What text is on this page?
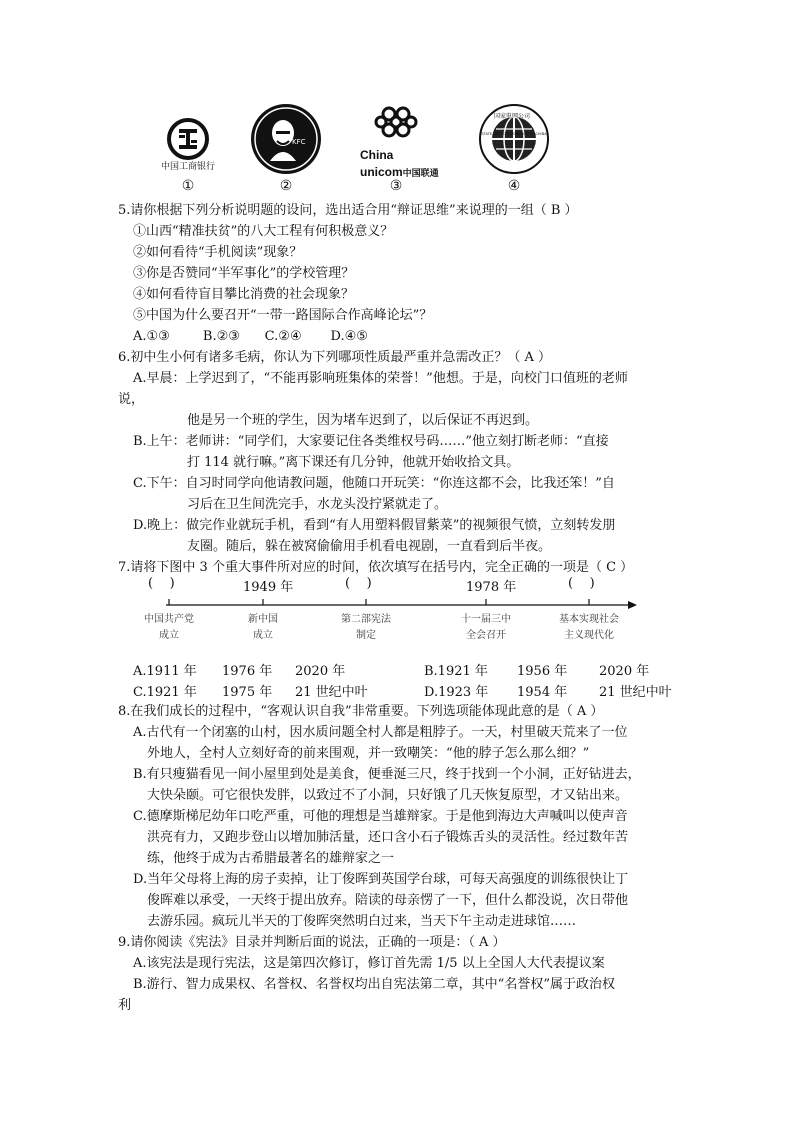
中国工商银行
①
KFC
②
China
unicom中国联通
③
STATE GRID CORPORATION OF CHINA
国家电网公司
④
5.请你根据下列分析说明题的设问，选出适合用“辩证思维”来说理的一组（ B ）
①山西“精准扶贫”的八大工程有何积极意义？
②如何看待“手机阅读”现象？
③你是否赞同“半军事化”的学校管理？
④如何看待盲目攀比消费的社会现象？
⑤中国为什么要召开“一带一路国际合作高峰论坛”？
A.①③        B.②③      C.②④       D.④⑤
6.初中生小何有诸多毛病，你认为下列哪项性质最严重并急需改正？（ A ）
A.早晨：上学迟到了，“不能再影响班集体的荣誉！”他想。于是，向校门口值班的老师
说，
他是另一个班的学生，因为堵车迟到了，以后保证不再迟到。
B.上午：老师讲：“同学们，大家要记住各类维权号码……”他立刻打断老师：“直接
打 114 就行嘛。”离下课还有几分钟，他就开始收拾文具。
C.下午：自习时同学向他请教问题，他随口开玩笑：“你连这都不会，比我还笨！”自
习后在卫生间洗完手，水龙头没拧紧就走了。
D.晚上：做完作业就玩手机，看到“有人用塑料假冒紫菜”的视频很气愤，立刻转发朋
友圈。随后，躲在被窝偷偷用手机看电视剧，一直看到后半夜。
7.请将下图中 3 个重大事件所对应的时间，依次填写在括号内，完全正确的一项是（ C ）
(    )	1949 年	(    )	1978 年	(    )
中国共产党
成立
新中国
成立
第二部宪法
制定
十一届三中
全会召开
基本实现社会
主义现代化
A.1911 年 1976 年 2020 年	B.1921 年 1956 年 2020 年
C.1921 年 1975 年 21 世纪中叶	D.1923 年 1954 年 21 世纪中叶
8.在我们成长的过程中，“客观认识自我”非常重要。下列选项能体现此意的是（ A ）
A.古代有一个闭塞的山村，因水质问题全村人都是粗脖子。一天，村里破天荒来了一位
外地人，全村人立刻好奇的前来围观，并一致嘲笑：“他的脖子怎么那么细？”
B.有只瘦猫看见一间小屋里到处是美食，便垂涎三尺，终于找到一个小洞，正好钻进去，
大快朵颐。可它很快发胖，以致过不了小洞，只好饿了几天恢复原型，才又钻出来。
C.德摩斯梯尼幼年口吃严重，可他的理想是当雄辩家。于是他到海边大声喊叫以使声音
洪亮有力，又跑步登山以增加肺活量，还口含小石子锻炼舌头的灵活性。经过数年苦
练，他终于成为古希腊最著名的雄辩家之一
D.当年父母将上海的房子卖掉，让丁俊晖到英国学台球，可每天高强度的训练很快让丁
俊晖难以承受，一天终于提出放弃。陪读的母亲愣了一下，但什么都没说，次日带他
去游乐园。疯玩儿半天的丁俊晖突然明白过来，当天下午主动走进球馆……
9.请你阅读《宪法》目录并判断后面的说法，正确的一项是：（ A ）
A.该宪法是现行宪法，这是第四次修订，修订首先需 1/5 以上全国人大代表提议案
B.游行、智力成果权、名誉权、名誉权均出自宪法第二章，其中“名誉权”属于政治权
利
